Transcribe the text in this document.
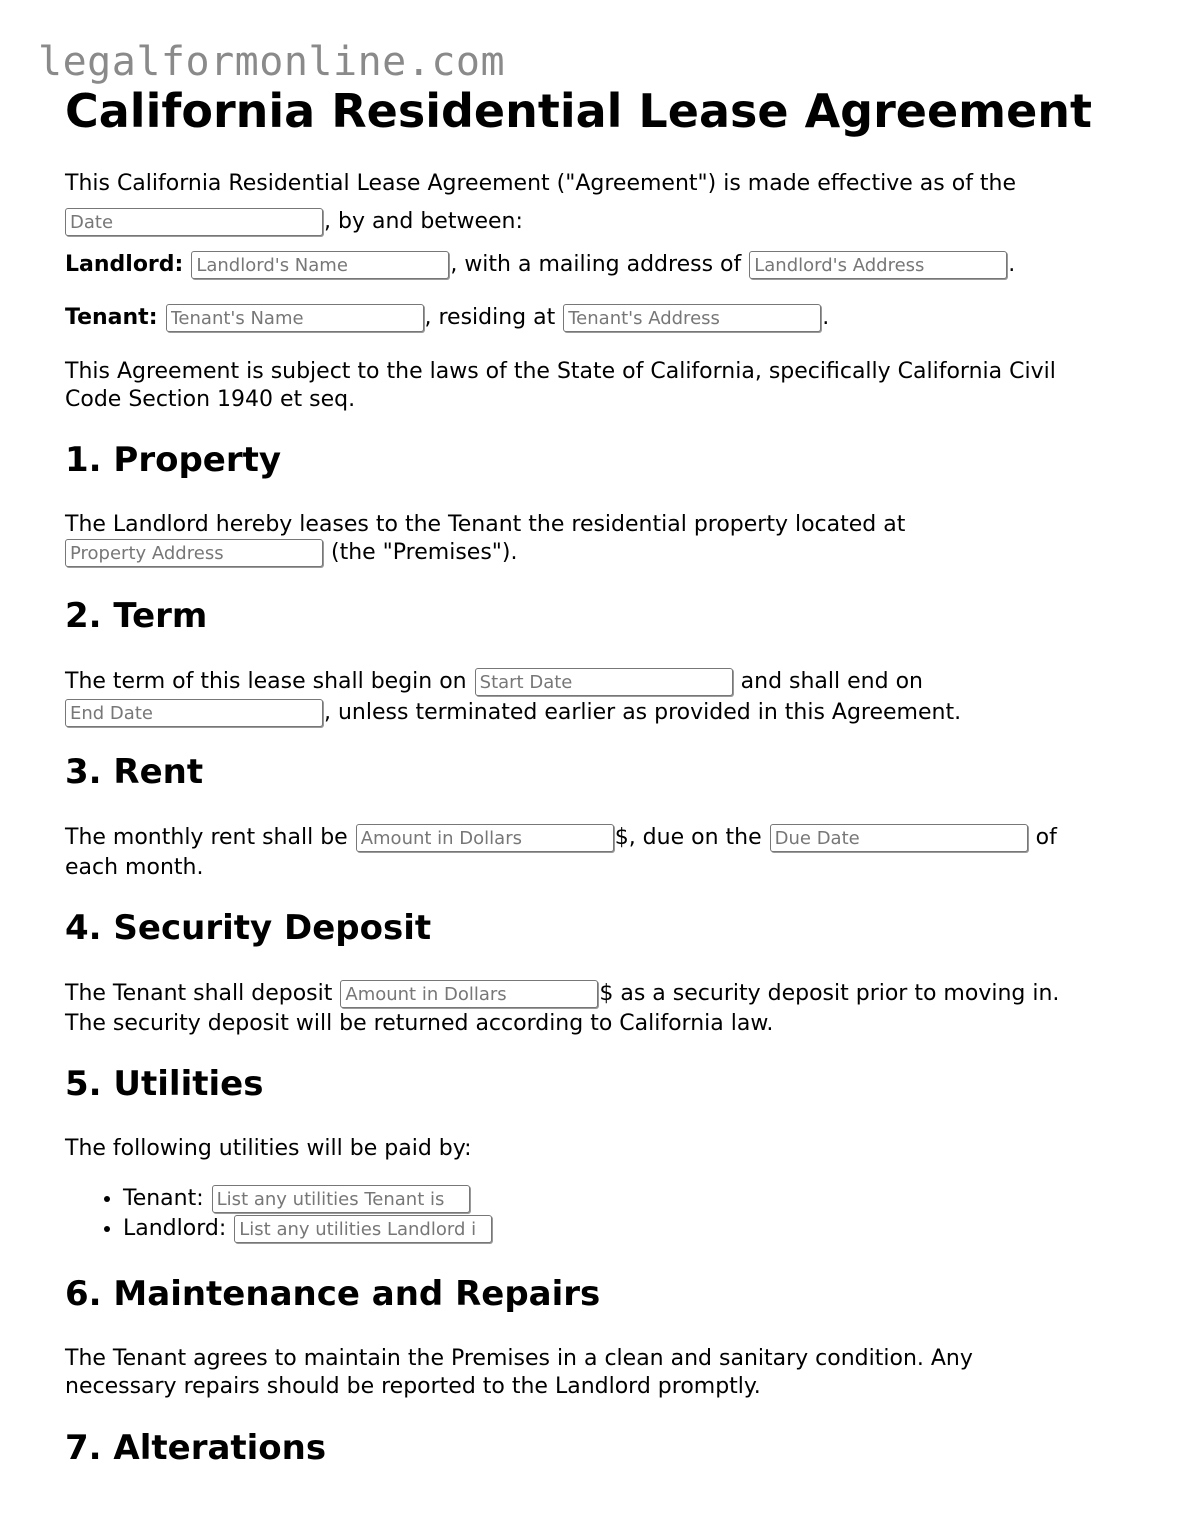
legalformonline.com
California Residential Lease Agreement

This California Residential Lease Agreement ("Agreement") is made effective as of the
Date, by and between:

Landlord: Landlord's Name	, with a mailing address of Landlord's Address	.

Tenant: Tenant's Name	, residing at Tenant's Address	.

This Agreement is subject to the laws of the State of California, specifically California Civil Code Section 1940 et seq.

1. Property

The Landlord hereby leases to the Tenant the residential property located at
Property Address (the "Premises").

2. Term

The term of this lease shall begin on Start Date	and shall end on
End Date, unless terminated earlier as provided in this Agreement.

3. Rent

The monthly rent shall be Amount in Dollars	$, due on the Due Date	of each month.

4. Security Deposit

The Tenant shall deposit Amount in Dollars	$ as a security deposit prior to moving in. The security deposit will be returned according to California law.

5. Utilities

The following utilities will be paid by:

• Tenant: List any utilities Tenant is
• Landlord: List any utilities Landlord i
6. Maintenance and Repairs

The Tenant agrees to maintain the Premises in a clean and sanitary condition. Any necessary repairs should be reported to the Landlord promptly.

7. Alterations
